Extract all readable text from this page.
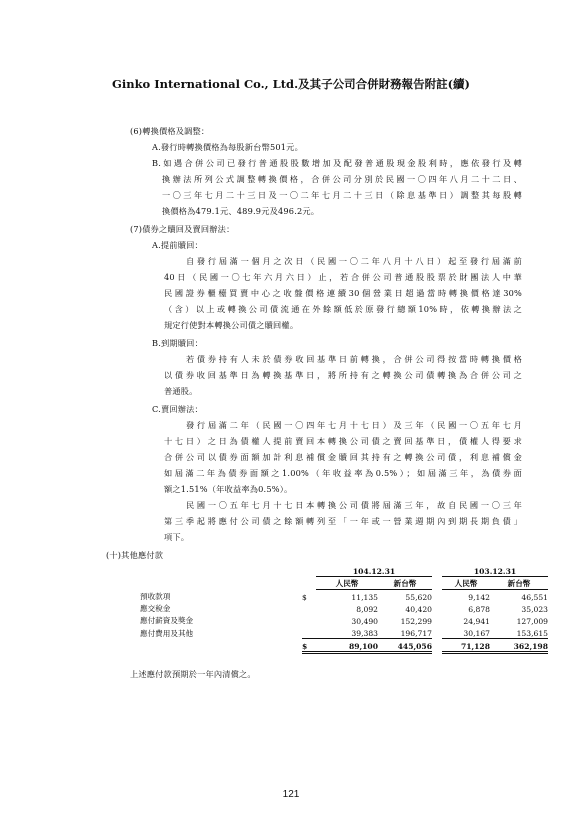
Ginko International Co., Ltd.及其子公司合併財務報告附註(續)
(6)轉換價格及調整：
A.發行時轉換價格為每股新台幣501元。
B.如遇合併公司已發行普通股股數增加及配發普通股現金股利時，應依發行及轉
換辦法所列公式調整轉換價格，合併公司分別於民國一〇四年八月二十二日、
一〇三年七月二十三日及一〇二年七月二十三日（除息基準日）調整其每股轉
換價格為479.1元、489.9元及496.2元。
(7)債券之贖回及賣回辦法：
A.提前贖回：
自發行屆滿一個月之次日（民國一〇二年八月十八日）起至發行屆滿前
40日（民國一〇七年六月六日）止，若合併公司普通股股票於財團法人中華
民國證券櫃檯買賣中心之收盤價格連續30個營業日超過當時轉換價格達30%
（含）以上或轉換公司債流通在外餘額低於原發行總額10%時，依轉換辦法之
規定行使對本轉換公司債之贖回權。
B.到期贖回：
若債券持有人未於債券收回基準日前轉換，合併公司得按當時轉換價格
以債券收回基準日為轉換基準日，將所持有之轉換公司債轉換為合併公司之
普通股。
C.賣回辦法：
發行屆滿二年（民國一〇四年七月十七日）及三年（民國一〇五年七月
十七日）之日為債權人提前賣回本轉換公司債之賣回基準日，債權人得要求
合併公司以債券面額加計利息補償金贖回其持有之轉換公司債，利息補償金
如屆滿二年為債券面額之1.00%（年收益率為0.5%）；如屆滿三年，為債券面
額之1.51%（年收益率為0.5%）。
民國一〇五年七月十七日本轉換公司債將屆滿三年，故自民國一〇三年
第三季起將應付公司債之餘額轉列至「一年或一營業週期內到期長期負債」
項下。
(十)其他應付款
		104.12.31			103.12.31	
		人民幣	新台幣		人民幣	新台幣
預收款項	$	11,135	55,620		9,142	46,551
應交稅金		8,092	40,420		6,878	35,023
應付薪資及獎金		30,490	152,299		24,941	127,009
應付費用及其他		39,383	196,717		30,167	153,615
	$	89,100	445,056		71,128	362,198
上述應付款預期於一年內清償之。
121
